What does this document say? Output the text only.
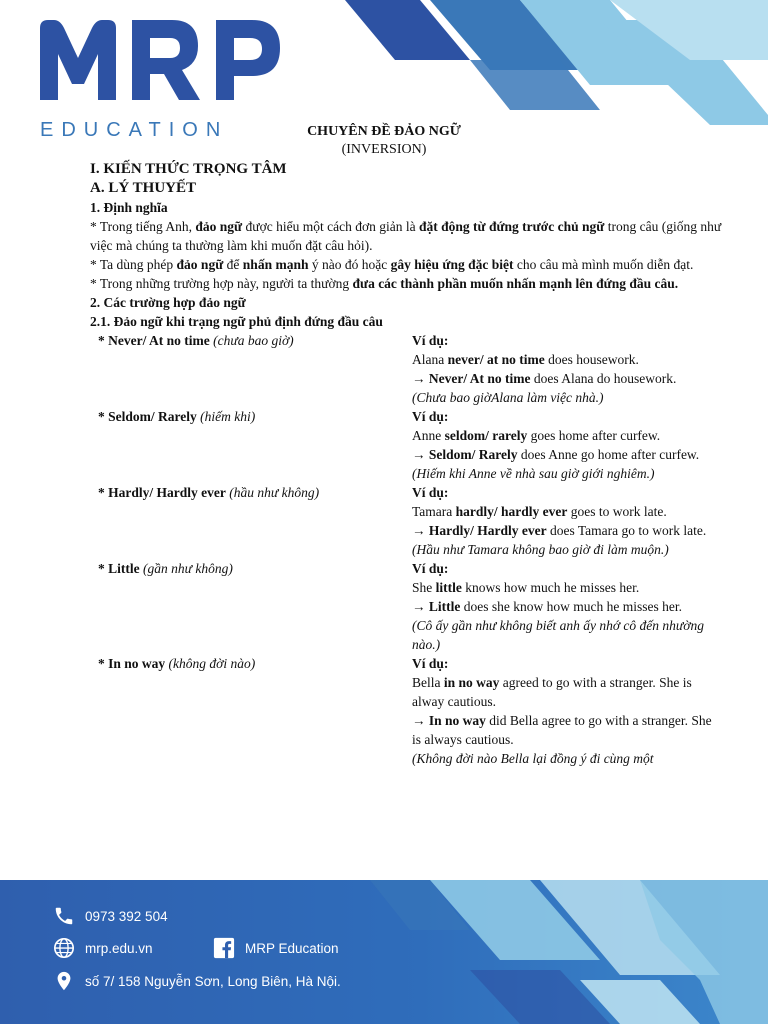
EDUCATION	CHUYÊN ĐỀ ĐẢO NGỮ
(INVERSION)

I. KIẾN THỨC TRỌNG TÂM

A. LÝ THUYẾT

1. Định nghĩa

* Trong tiếng Anh, đảo ngữ được hiểu một cách đơn giản là đặt động từ đứng trước chủ ngữ trong câu (giống như việc mà chúng ta thường làm khi muốn đặt câu hỏi).

* Ta dùng phép đảo ngữ để nhấn mạnh ý nào đó hoặc gây hiệu ứng đặc biệt cho câu mà mình muốn diễn đạt.

* Trong những trường hợp này, người ta thường đưa các thành phần muốn nhấn mạnh lên đứng đầu câu.

2. Các trường hợp đảo ngữ

2.1. Đảo ngữ khi trạng ngữ phủ định đứng đầu câu

* Never/ At no time (chưa bao giờ)	Ví dụ:

Alana never/ at no time does housework.

→ Never/ At no time does Alana do housework.

(Chưa bao giờAlana làm việc nhà.)

* Seldom/ Rarely (hiếm khi)	Ví dụ:

Anne seldom/ rarely goes home after curfew.

→ Seldom/ Rarely does Anne go home after curfew.

(Hiếm khi Anne về nhà sau giờ giới nghiêm.)

* Hardly/ Hardly ever (hầu như không)	Ví dụ:

Tamara hardly/ hardly ever goes to work late.

→ Hardly/ Hardly ever does Tamara go to work late.

(Hầu như Tamara không bao giờ đi làm muộn.)

* Little (gần như không)	Ví dụ:

She little knows how much he misses her.

→ Little does she know how much he misses her.

(Cô ấy gần như không biết anh ấy nhớ cô đến nhường nào.)

* In no way (không đời nào)	Ví dụ:

Bella in no way agreed to go with a stranger. She is alway cautious.

→ In no way did Bella agree to go with a stranger. She is always cautious.

(Không đời nào Bella lại đồng ý đi cùng một

0973 392 504
mrp.edu.vn	MRP Education
số 7/ 158 Nguyễn Sơn, Long Biên, Hà Nội.
